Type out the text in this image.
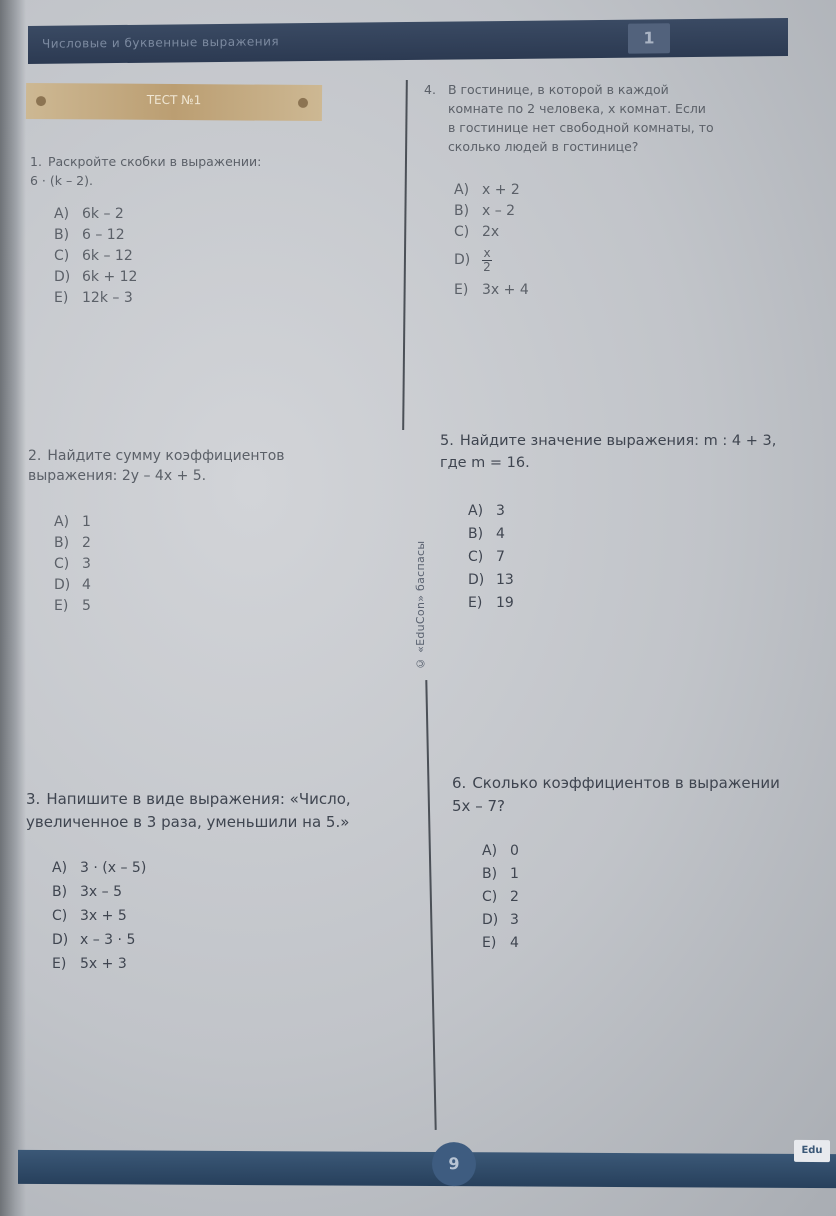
Числовые и буквенные выражения	1
ТЕСТ №1
© «EduCon» баспасы
1. Раскройте скобки в выражении:
6 · (k – 2).
A) 6k – 2
B) 6 – 12
C) 6k – 12
D) 6k + 12
E) 12k – 3
2. Найдите сумму коэффициентов
выражения: 2y – 4x + 5.
A) 1
B) 2
C) 3
D) 4
E) 5
3. Напишите в виде выражения: «Число,
увеличенное в 3 раза, уменьшили на 5.»
A) 3 · (x – 5)
B) 3x – 5
C) 3x + 5
D) x – 3 · 5
E) 5x + 3
4. В гостинице, в которой в каждой
комнате по 2 человека, x комнат. Если
в гостинице нет свободной комнаты, то
сколько людей в гостинице?
A) x + 2
B) x – 2
C) 2x
$D) \frac{x}{2}$
E) 3x + 4
5. Найдите значение выражения: m : 4 + 3,
где m = 16.
A) 3
B) 4
C) 7
D) 13
E) 19
6. Сколько коэффициентов в выражении
5x – 7?
A) 0
B) 1
C) 2
D) 3
E) 4
9
Edu
